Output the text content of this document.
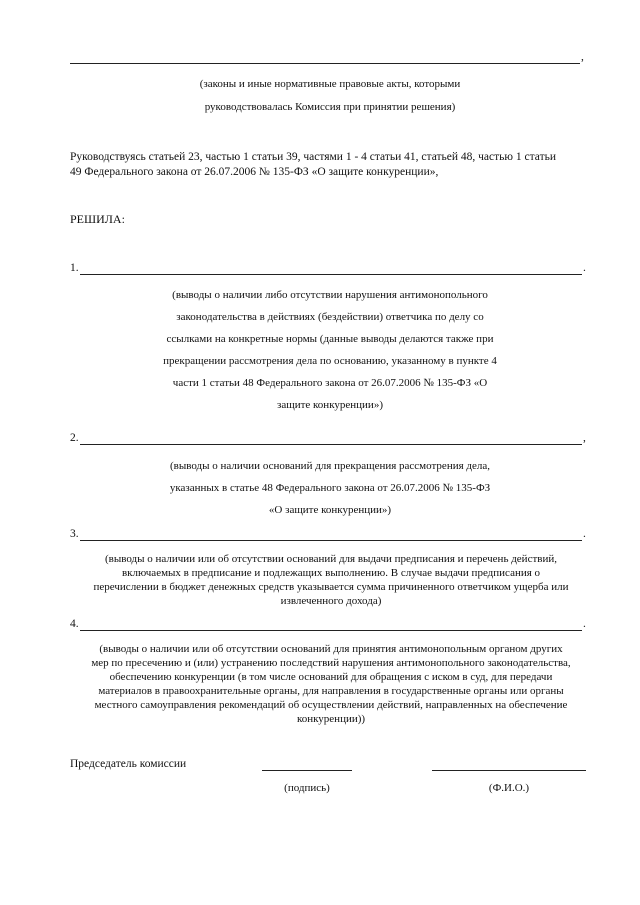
,
(законы и иные нормативные правовые акты, которыми
руководствовалась Комиссия при принятии решения)
Руководствуясь статьей 23, частью 1 статьи 39, частями 1 - 4 статьи 41, статьей 48, частью 1 статьи
49 Федерального закона от 26.07.2006 № 135-ФЗ «О защите конкуренции»,
РЕШИЛА:
1.	.
(выводы о наличии либо отсутствии нарушения антимонопольного
законодательства в действиях (бездействии) ответчика по делу со
ссылками на конкретные нормы (данные выводы делаются также при
прекращении рассмотрения дела по основанию, указанному в пункте 4
части 1 статьи 48 Федерального закона от 26.07.2006 № 135-ФЗ «О
защите конкуренции»)
2.	,
(выводы о наличии оснований для прекращения рассмотрения дела,
указанных в статье 48 Федерального закона от 26.07.2006 № 135-ФЗ
«О защите конкуренции»)
3.	.
(выводы о наличии или об отсутствии оснований для выдачи предписания и перечень действий,
включаемых в предписание и подлежащих выполнению. В случае выдачи предписания о
перечислении в бюджет денежных средств указывается сумма причиненного ответчиком ущерба или
извлеченного дохода)
4.	.
(выводы о наличии или об отсутствии оснований для принятия антимонопольным органом других
мер по пресечению и (или) устранению последствий нарушения антимонопольного законодательства,
обеспечению конкуренции (в том числе оснований для обращения с иском в суд, для передачи
материалов в правоохранительные органы, для направления в государственные органы или органы
местного самоуправления рекомендаций об осуществлении действий, направленных на обеспечение
конкуренции))
Председатель комиссии
(подпись)	(Ф.И.О.)
